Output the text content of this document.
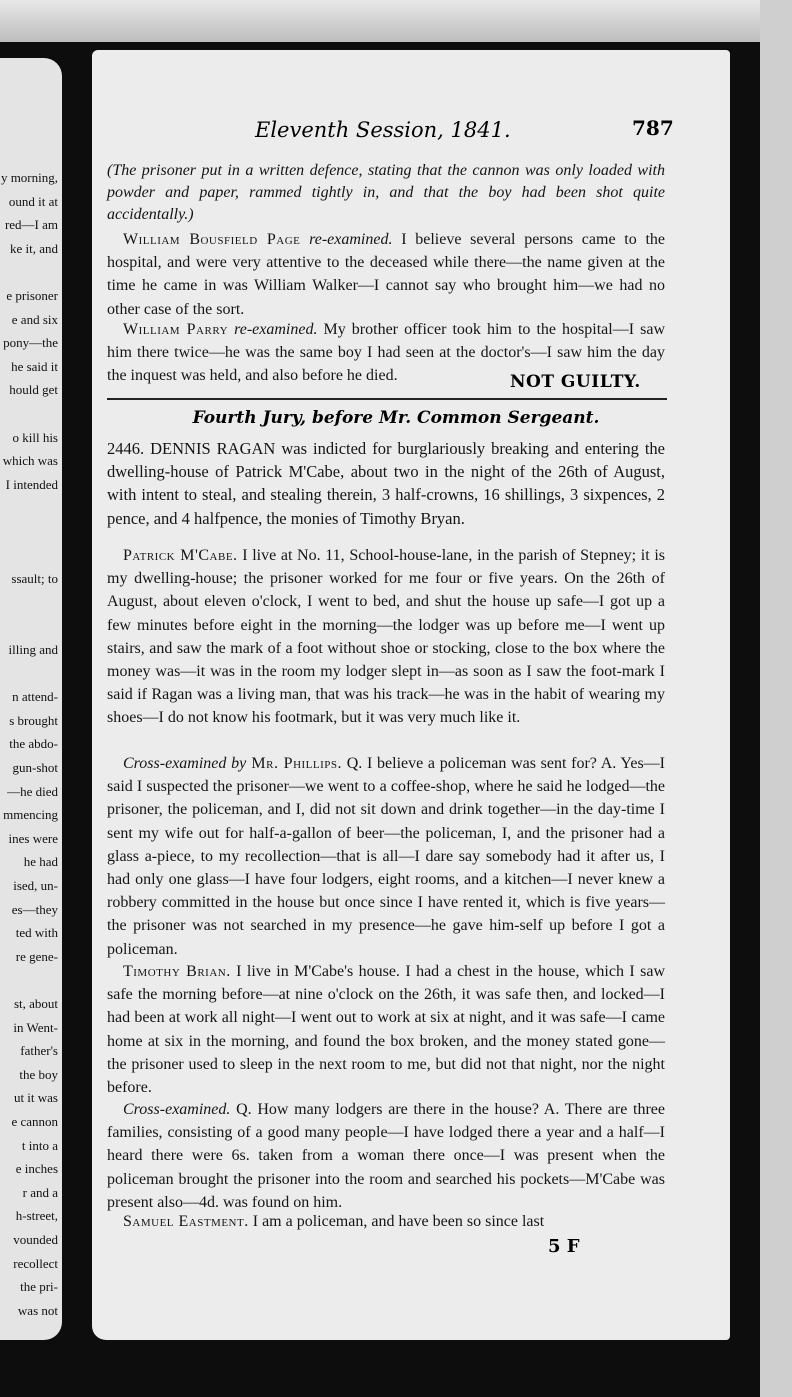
y morning,
ound it at
red—I am
ke it, and
e prisoner
e and six
pony—the
he said it
hould get
o kill his
which was
I intended
ssault; to
illing and
n attend-
s brought
the abdo-
gun-shot
—he died
mmencing
ines were
he had
ised, un-
es—they
ted with
re gene-
st, about
in Went-
father's
the boy
ut it was
e cannon
t into a
e inches
r and a
h-street,
vounded
recollect
the pri-
was not
Eleventh Session, 1841.	787
(The prisoner put in a written defence, stating that the cannon was only loaded with powder and paper, rammed tightly in, and that the boy had been shot quite accidentally.)
 William Bousfield Page re-examined. I believe several persons came to the hospital, and were very attentive to the deceased while there—the name given at the time he came in was William Walker—I cannot say who brought him—we had no other case of the sort.
 William Parry re-examined. My brother officer took him to the hospital—I saw him there twice—he was the same boy I had seen at the doctor's—I saw him the day the inquest was held, and also before he died.	NOT GUILTY.
Fourth Jury, before Mr. Common Sergeant.
2446. DENNIS RAGAN was indicted for burglariously breaking and entering the dwelling-house of Patrick M'Cabe, about two in the night of the 26th of August, with intent to steal, and stealing therein, 3 half-crowns, 16 shillings, 3 sixpences, 2 pence, and 4 halfpence, the monies of Timothy Bryan.
 Patrick M'Cabe. I live at No. 11, School-house-lane, in the parish of Stepney; it is my dwelling-house; the prisoner worked for me four or five years. On the 26th of August, about eleven o'clock, I went to bed, and shut the house up safe—I got up a few minutes before eight in the morning—the lodger was up before me—I went up stairs, and saw the mark of a foot without shoe or stocking, close to the box where the money was—it was in the room my lodger slept in—as soon as I saw the foot-mark I said if Ragan was a living man, that was his track—he was in the habit of wearing my shoes—I do not know his footmark, but it was very much like it.
 Cross-examined by Mr. Phillips. Q. I believe a policeman was sent for? A. Yes—I said I suspected the prisoner—we went to a coffee-shop, where he said he lodged—the prisoner, the policeman, and I, did not sit down and drink together—in the day-time I sent my wife out for half-a-gallon of beer—the policeman, I, and the prisoner had a glass a-piece, to my recollection—that is all—I dare say somebody had it after us, I had only one glass—I have four lodgers, eight rooms, and a kitchen—I never knew a robbery committed in the house but once since I have rented it, which is five years—the prisoner was not searched in my presence—he gave him-self up before I got a policeman.
 Timothy Brian. I live in M'Cabe's house. I had a chest in the house, which I saw safe the morning before—at nine o'clock on the 26th, it was safe then, and locked—I had been at work all night—I went out to work at six at night, and it was safe—I came home at six in the morning, and found the box broken, and the money stated gone—the prisoner used to sleep in the next room to me, but did not that night, nor the night before.
 Cross-examined. Q. How many lodgers are there in the house? A. There are three families, consisting of a good many people—I have lodged there a year and a half—I heard there were 6s. taken from a woman there once—I was present when the policeman brought the prisoner into the room and searched his pockets—M'Cabe was present also—4d. was found on him.
 Samuel Eastment. I am a policeman, and have been so since last
5 F
